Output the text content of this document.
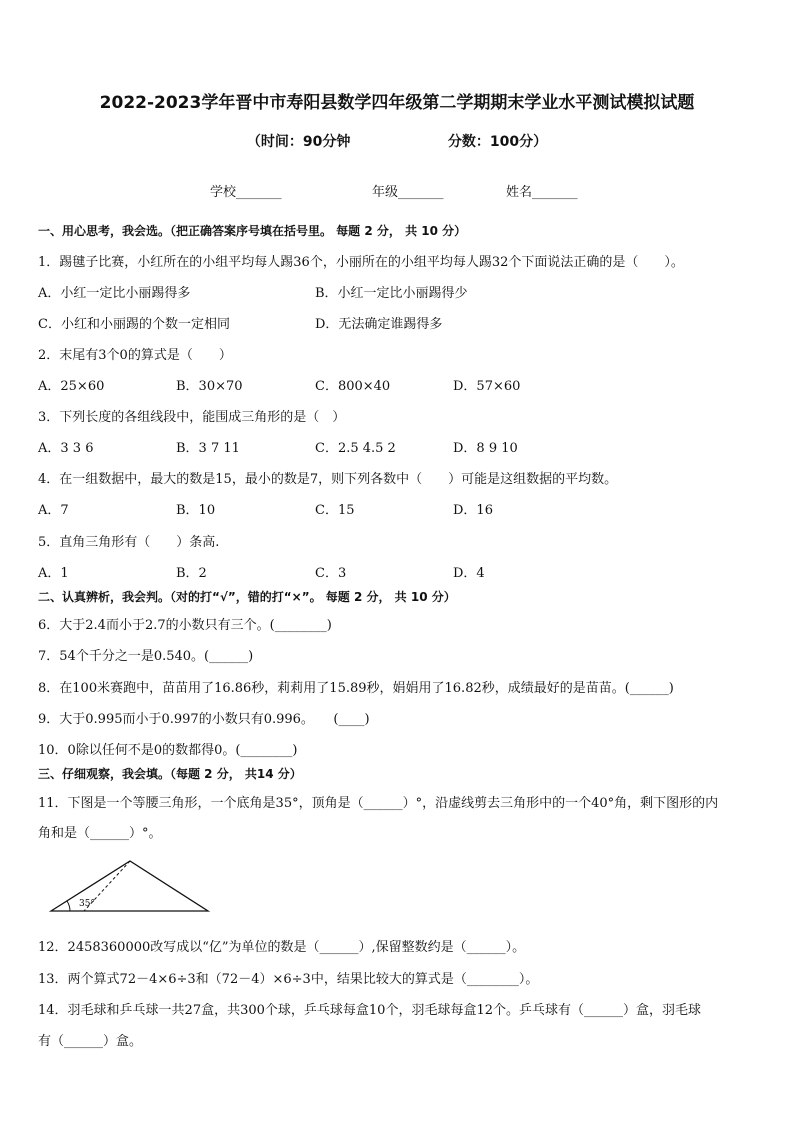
2022-2023学年晋中市寿阳县数学四年级第二学期期末学业水平测试模拟试题
（时间：90分钟                    分数：100分）
学校_______	年级_______	姓名_______
一、用心思考，我会选。（把正确答案序号填在括号里。 每题 2 分， 共 10 分）
1．踢毽子比赛，小红所在的小组平均每人踢36个，小丽所在的小组平均每人踢32个下面说法正确的是（　　）。
A．小红一定比小丽踢得多	B．小红一定比小丽踢得少
C．小红和小丽踢的个数一定相同	D．无法确定谁踢得多
2．末尾有3个0的算式是（　　）
A．25×60	B．30×70	C．800×40	D．57×60
3．下列长度的各组线段中，能围成三角形的是（　）
A．3 3 6	B．3 7 11	C．2.5 4.5 2	D．8 9 10
4．在一组数据中，最大的数是15，最小的数是7，则下列各数中（　　）可能是这组数据的平均数。
A．7	B．10	C．15	D．16
5．直角三角形有（　　）条高.
A．1	B．2	C．3	D．4
二、认真辨析，我会判。（对的打“√”，错的打“×”。 每题 2 分， 共 10 分）
6．大于2.4而小于2.7的小数只有三个。(________)
7．54个千分之一是0.540。(______)
8．在100米赛跑中，苗苗用了16.86秒，莉莉用了15.89秒，娟娟用了16.82秒，成绩最好的是苗苗。(______)
9．大于0.995而小于0.997的小数只有0.996。　　(____)
10．0除以任何不是0的数都得0。(________)
三、仔细观察，我会填。（每题 2 分， 共14 分）
11．下图是一个等腰三角形，一个底角是35°，顶角是（______）°，沿虚线剪去三角形中的一个40°角，剩下图形的内
角和是（______）°。
35°
12．2458360000改写成以“亿”为单位的数是（______）,保留整数约是（______）。
13．两个算式72－4×6÷3和（72－4）×6÷3中，结果比较大的算式是（________）。
14．羽毛球和乒乓球一共27盒，共300个球，乒乓球每盒10个，羽毛球每盒12个。乒乓球有（______）盒，羽毛球
有（______）盒。
